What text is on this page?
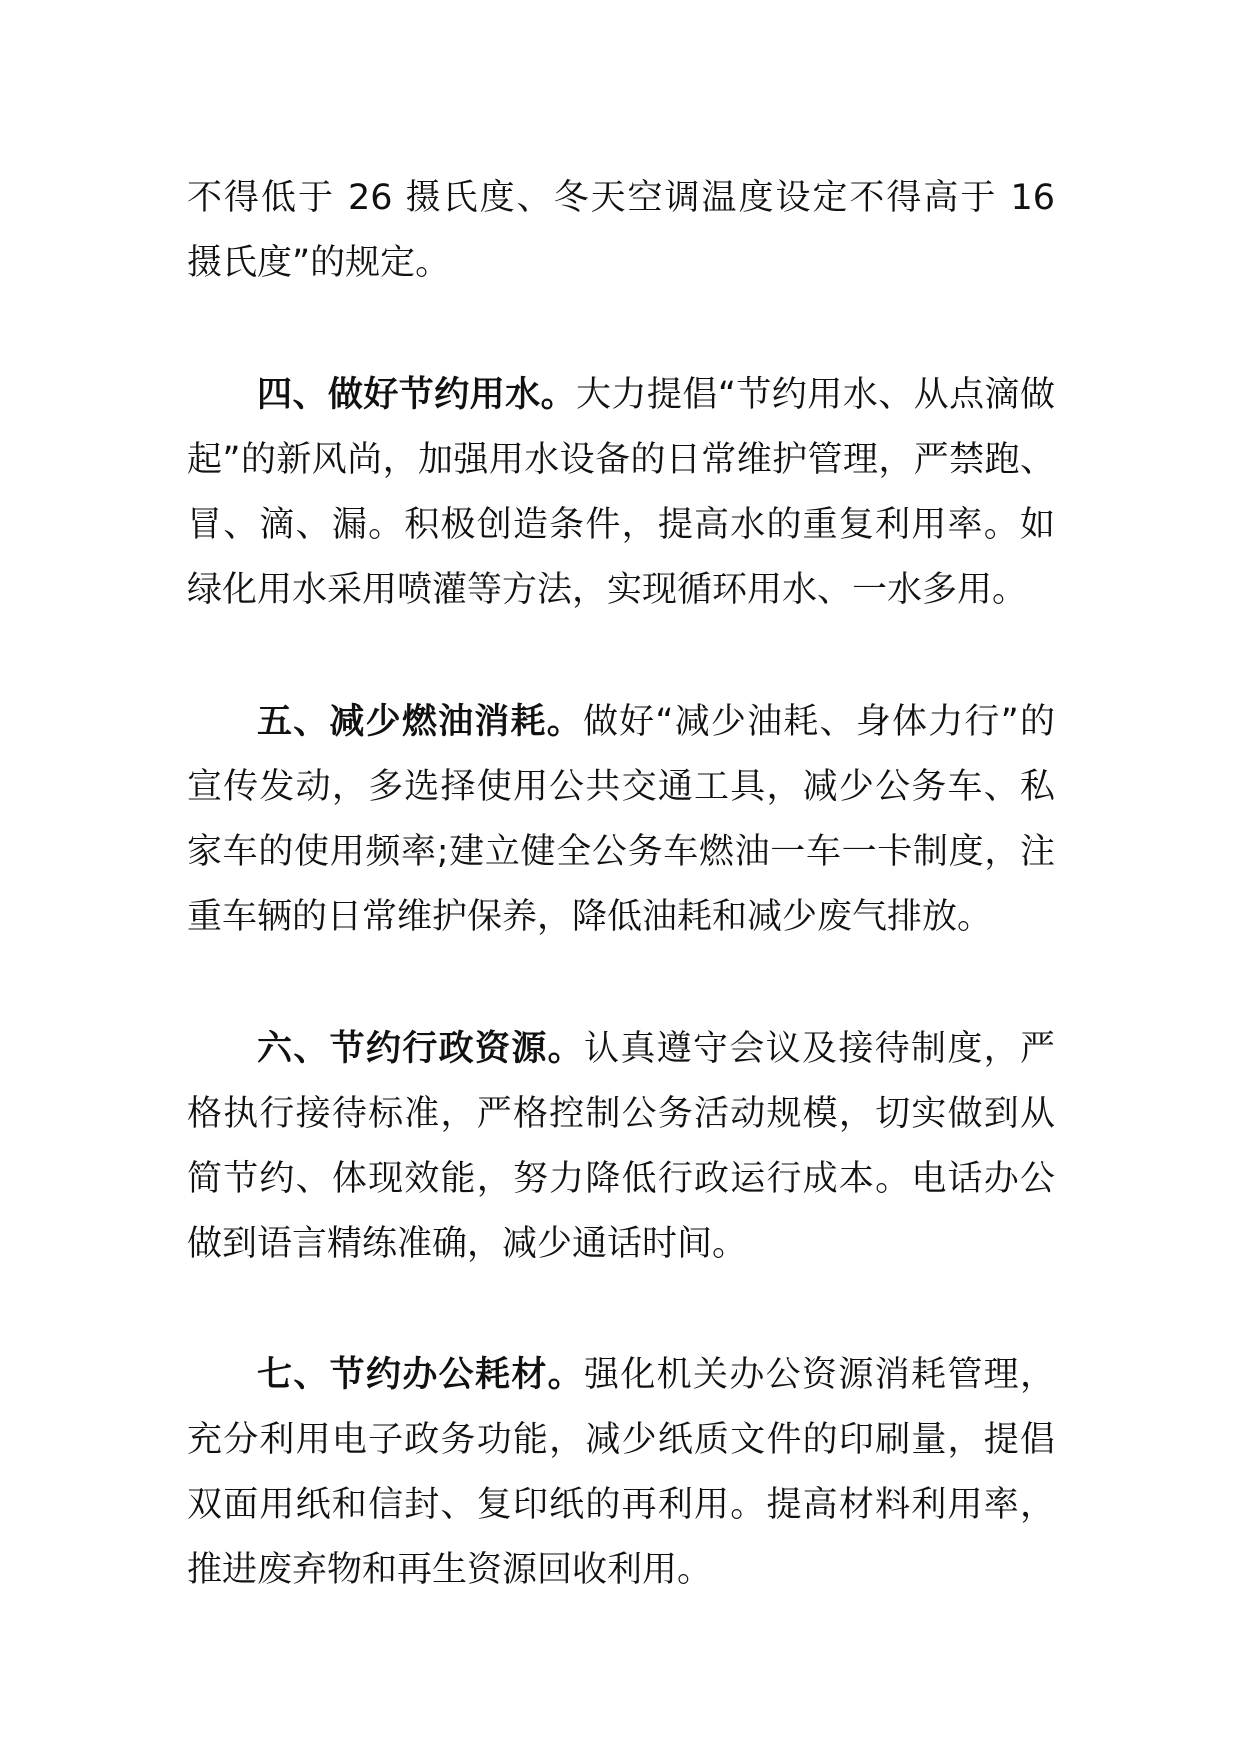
不得低于 26 摄氏度、冬天空调温度设定不得高于 16 摄氏度”的规定。

四、做好节约用水。大力提倡“节约用水、从点滴做起”的新风尚，加强用水设备的日常维护管理，严禁跑、冒、滴、漏。积极创造条件，提高水的重复利用率。如绿化用水采用喷灌等方法，实现循环用水、一水多用。

五、减少燃油消耗。做好“减少油耗、身体力行”的宣传发动，多选择使用公共交通工具，减少公务车、私家车的使用频率;建立健全公务车燃油一车一卡制度，注重车辆的日常维护保养，降低油耗和减少废气排放。

六、节约行政资源。认真遵守会议及接待制度，严格执行接待标准，严格控制公务活动规模，切实做到从简节约、体现效能，努力降低行政运行成本。电话办公做到语言精练准确，减少通话时间。

七、节约办公耗材。强化机关办公资源消耗管理，充分利用电子政务功能，减少纸质文件的印刷量，提倡双面用纸和信封、复印纸的再利用。提高材料利用率，推进废弃物和再生资源回收利用。
